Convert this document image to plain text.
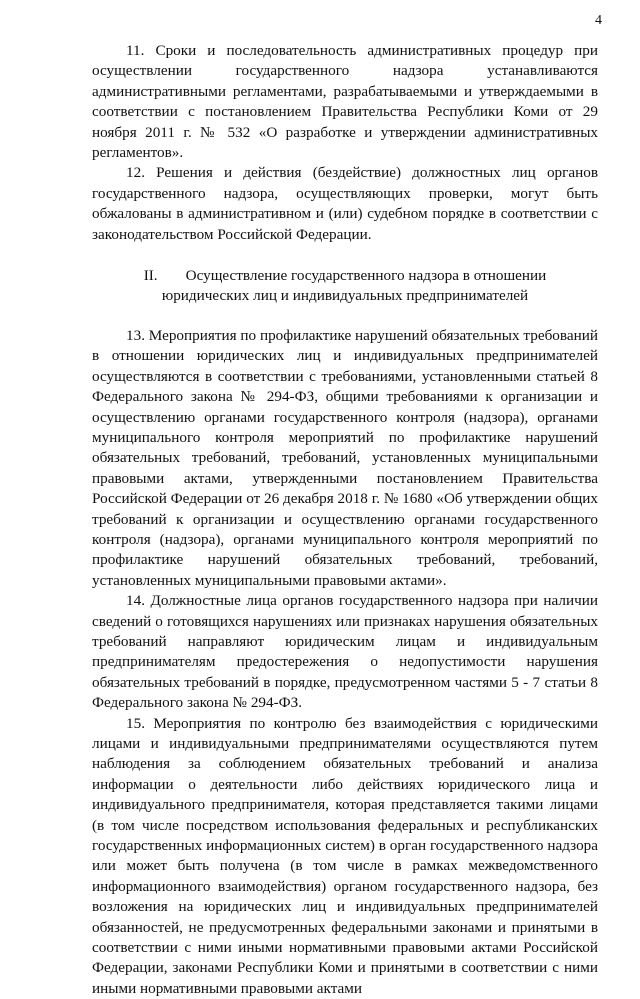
4

11. Сроки и последовательность административных процедур при осуществлении государственного надзора устанавливаются административными регламентами, разрабатываемыми и утверждаемыми в соответствии с постановлением Правительства Республики Коми от 29 ноября 2011 г. № 532 «О разработке и утверждении административных регламентов».

12. Решения и действия (бездействие) должностных лиц органов государственного надзора, осуществляющих проверки, могут быть обжалованы в административном и (или) судебном порядке в соответствии с законодательством Российской Федерации.

II. Осуществление государственного надзора в отношении
юридических лиц и индивидуальных предпринимателей

13. Мероприятия по профилактике нарушений обязательных требований в отношении юридических лиц и индивидуальных предпринимателей осуществляются в соответствии с требованиями, установленными статьей 8 Федерального закона № 294-ФЗ, общими требованиями к организации и осуществлению органами государственного контроля (надзора), органами муниципального контроля мероприятий по профилактике нарушений обязательных требований, требований, установленных муниципальными правовыми актами, утвержденными постановлением Правительства Российской Федерации от 26 декабря 2018 г. № 1680 «Об утверждении общих требований к организации и осуществлению органами государственного контроля (надзора), органами муниципального контроля мероприятий по профилактике нарушений обязательных требований, требований, установленных муниципальными правовыми актами».

14. Должностные лица органов государственного надзора при наличии сведений о готовящихся нарушениях или признаках нарушения обязательных требований направляют юридическим лицам и индивидуальным предпринимателям предостережения о недопустимости нарушения обязательных требований в порядке, предусмотренном частями 5 - 7 статьи 8 Федерального закона № 294-ФЗ.

15. Мероприятия по контролю без взаимодействия с юридическими лицами и индивидуальными предпринимателями осуществляются путем наблюдения за соблюдением обязательных требований и анализа информации о деятельности либо действиях юридического лица и индивидуального предпринимателя, которая представляется такими лицами (в том числе посредством использования федеральных и республиканских государственных информационных систем) в орган государственного надзора или может быть получена (в том числе в рамках межведомственного информационного взаимодействия) органом государственного надзора, без возложения на юридических лиц и индивидуальных предпринимателей обязанностей, не предусмотренных федеральными законами и принятыми в соответствии с ними иными нормативными правовыми актами Российской Федерации, законами Республики Коми и принятыми в соответствии с ними иными нормативными правовыми актами
